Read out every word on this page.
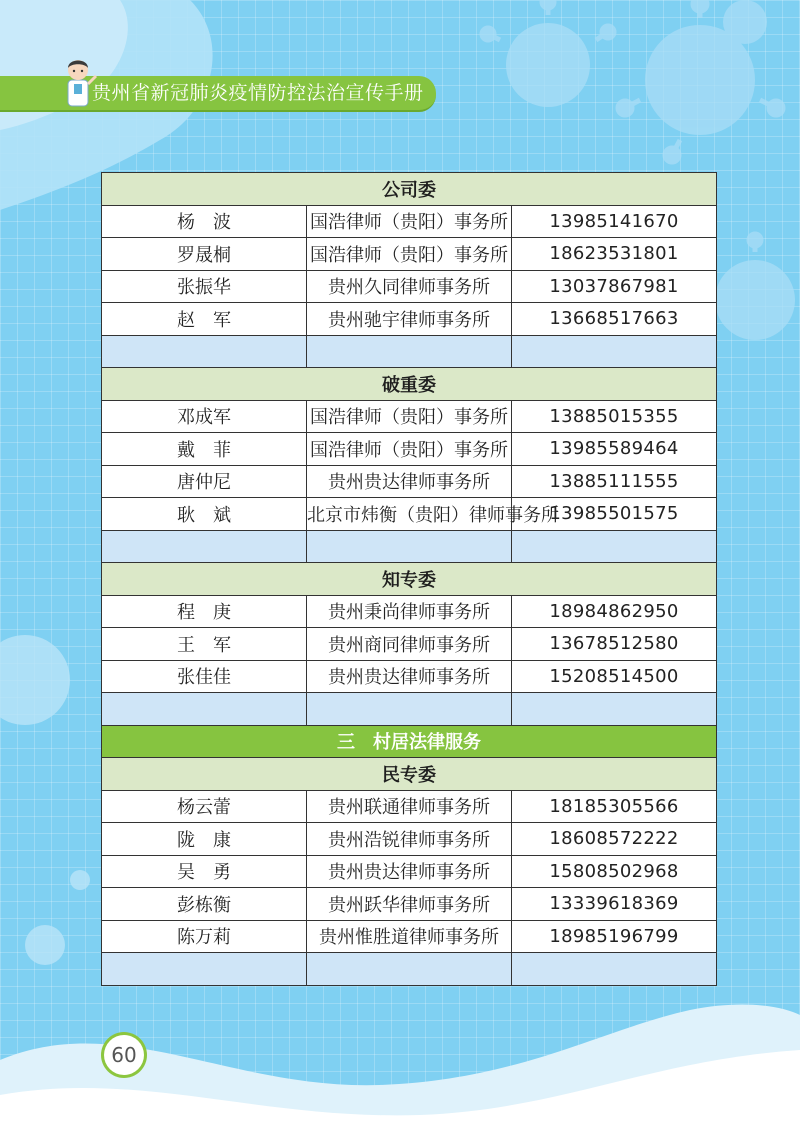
贵州省新冠肺炎疫情防控法治宣传手册
公司委		
杨　波	国浩律师（贵阳）事务所	13985141670
罗晟桐	国浩律师（贵阳）事务所	18623531801
张振华	贵州久同律师事务所	13037867981
赵　军	贵州驰宇律师事务所	13668517663

破重委		
邓成军	国浩律师（贵阳）事务所	13885015355
戴　菲	国浩律师（贵阳）事务所	13985589464
唐仲尼	贵州贵达律师事务所	13885111555
耿　斌	北京市炜衡（贵阳）律师事务所	13985501575

知专委		
程　庚	贵州秉尚律师事务所	18984862950
王　军	贵州商同律师事务所	13678512580
张佳佳	贵州贵达律师事务所	15208514500

三　村居法律服务		
民专委		
杨云蕾	贵州联通律师事务所	18185305566
陇　康	贵州浩锐律师事务所	18608572222
吴　勇	贵州贵达律师事务所	15808502968
彭栋衡	贵州跃华律师事务所	13339618369
陈万莉	贵州惟胜道律师事务所	18985196799

60
